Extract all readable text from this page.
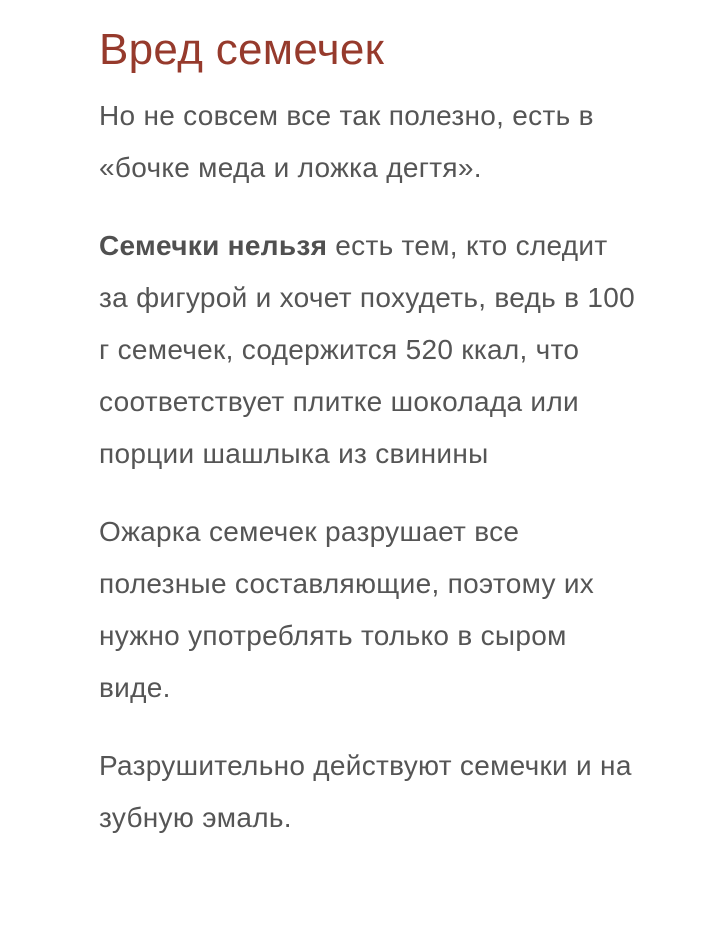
Вред семечек

Но не совсем все так полезно, есть в «бочке меда и ложка дегтя».

Семечки нельзя есть тем, кто следит за фигурой и хочет похудеть, ведь в 100 г семечек, содержится 520 ккал, что соответствует плитке шоколада или порции шашлыка из свинины

Ожарка семечек разрушает все полезные составляющие, поэтому их нужно употреблять только в сыром виде.

Разрушительно действуют семечки и на зубную эмаль.
